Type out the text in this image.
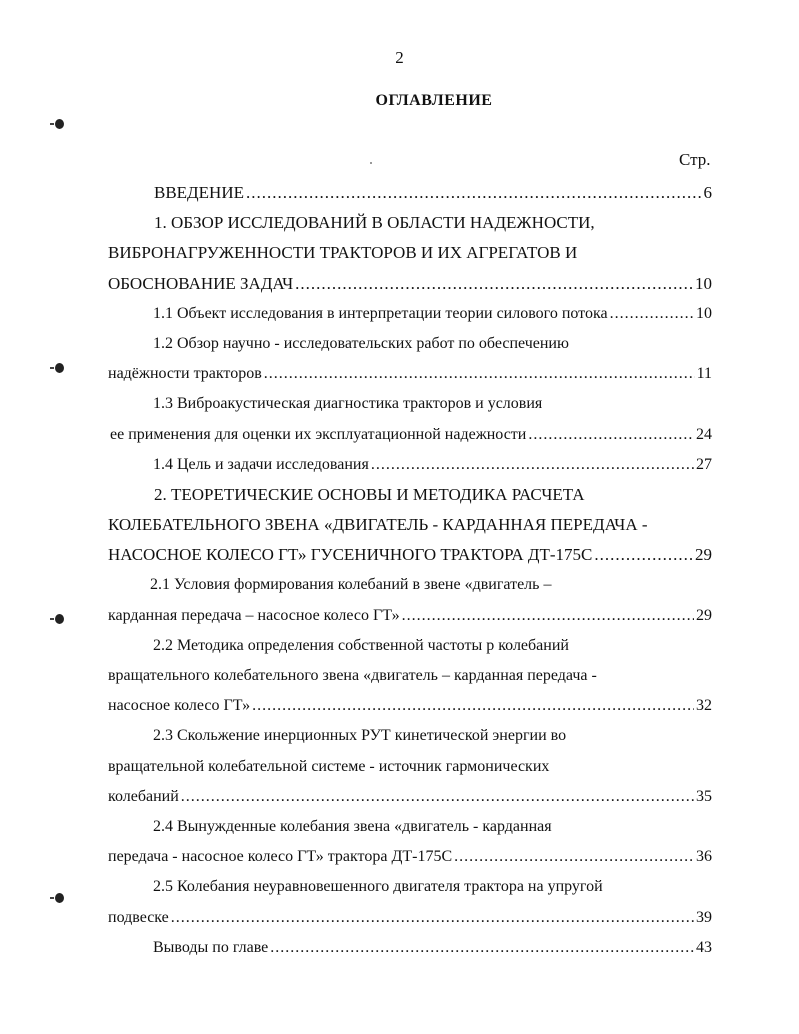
2
ОГЛАВЛЕНИЕ
Стр.
ВВЕДЕНИЕ .....	6
1. ОБЗОР ИССЛЕДОВАНИЙ В ОБЛАСТИ НАДЕЖНОСТИ,
ВИБРОНАГРУЖЕННОСТИ ТРАКТОРОВ И ИХ АГРЕГАТОВ И
ОБОСНОВАНИЕ ЗАДАЧ .....	10
1.1 Объект исследования в интерпретации теории силового потока .....	10
1.2 Обзор научно - исследовательских работ по обеспечению
надёжности тракторов .....	11
1.3 Виброакустическая диагностика тракторов и условия
ее применения для оценки их эксплуатационной надежности .....	24
1.4 Цель и задачи исследования .....	27
2. ТЕОРЕТИЧЕСКИЕ ОСНОВЫ И МЕТОДИКА РАСЧЕТА
КОЛЕБАТЕЛЬНОГО ЗВЕНА «ДВИГАТЕЛЬ - КАРДАННАЯ ПЕРЕДАЧА -
НАСОСНОЕ КОЛЕСО ГТ» ГУСЕНИЧНОГО ТРАКТОРА ДТ-175С .....	29
2.1 Условия формирования колебаний в звене «двигатель –
карданная передача – насосное колесо ГТ» .....	29
2.2 Методика определения собственной частоты р колебаний
вращательного колебательного звена «двигатель – карданная передача -
насосное колесо ГТ» .....	32
2.3 Скольжение инерционных РУТ кинетической энергии во
вращательной колебательной системе - источник гармонических
колебаний .....	35
2.4 Вынужденные колебания звена «двигатель - карданная
передача - насосное колесо ГТ» трактора ДТ-175С .....	36
2.5 Колебания неуравновешенного двигателя трактора на упругой
подвеске .....	39
Выводы по главе .....	43
